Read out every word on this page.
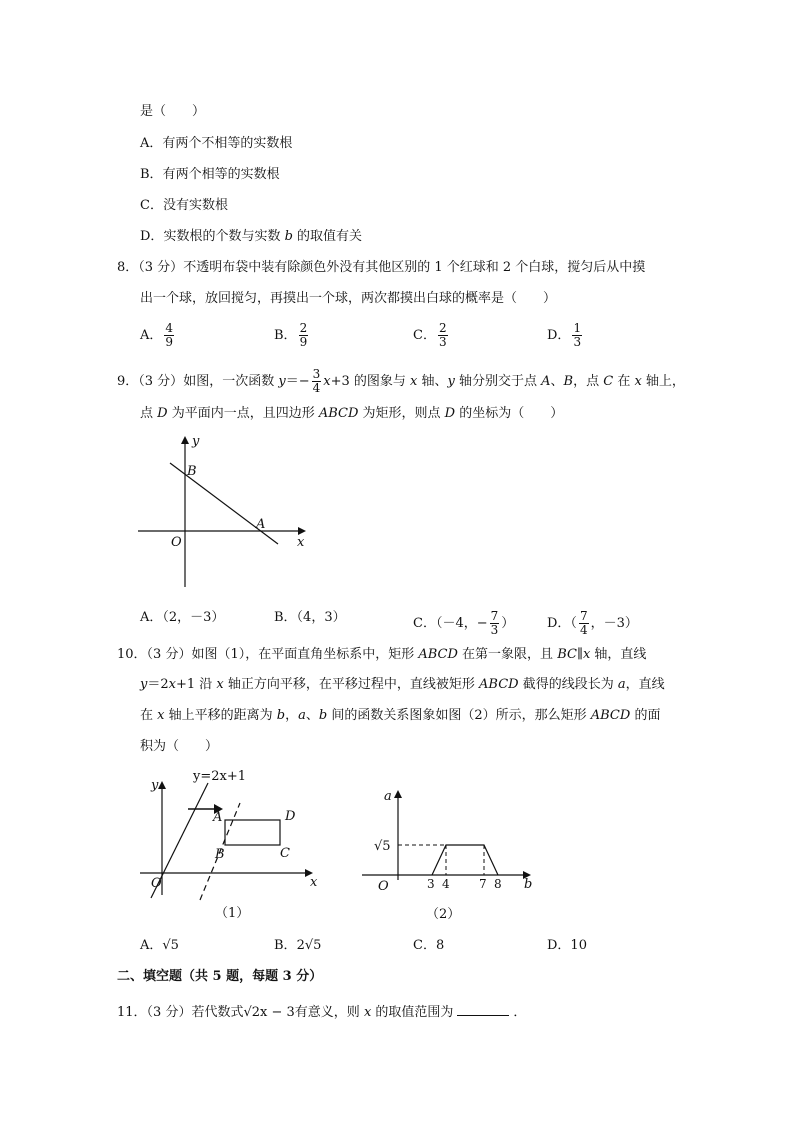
是（　　）
A．有两个不相等的实数根
B．有两个相等的实数根
C．没有实数根
D．实数根的个数与实数 b 的取值有关
8．（3 分）不透明布袋中装有除颜色外没有其他区别的 1 个红球和 2 个白球，搅匀后从中摸
出一个球，放回搅匀，再摸出一个球，两次都摸出白球的概率是（　　）
A． $\frac{4}{9}$	B． $\frac{2}{9}$	C． $\frac{2}{3}$	D． $\frac{1}{3}$
9．（3 分）如图，一次函数 $y=- \frac{3}{4} x+3$ 的图象与 x 轴、y 轴分别交于点 A、B，点 C 在 x 轴上，
点 D 为平面内一点，且四边形 ABCD 为矩形，则点 D 的坐标为（　　）
y
x
O
B
A
A．（2，－3）	B．（4，3）	C．（－4，− $\frac{7}{3}$ ）	D．（ $\frac{7}{4}$ ，－3）
10．（3 分）如图（1），在平面直角坐标系中，矩形 ABCD 在第一象限，且 BC∥x 轴，直线
y＝2x+1 沿 x 轴正方向平移，在平移过程中，直线被矩形 ABCD 截得的线段长为 a，直线
在 x 轴上平移的距离为 b，a、b 间的函数关系图象如图（2）所示，那么矩形 ABCD 的面
积为（　　）
y=2x+1
y
x
O
A
B	C
D
（1）
a
b
O
√5
3 4 7 8
（2）
A．√5	B．2√5	C．8	D．10
二、填空题（共 5 题，每题 3 分）
11．（3 分）若代数式√2x − 3有意义，则 x 的取值范围为	．
